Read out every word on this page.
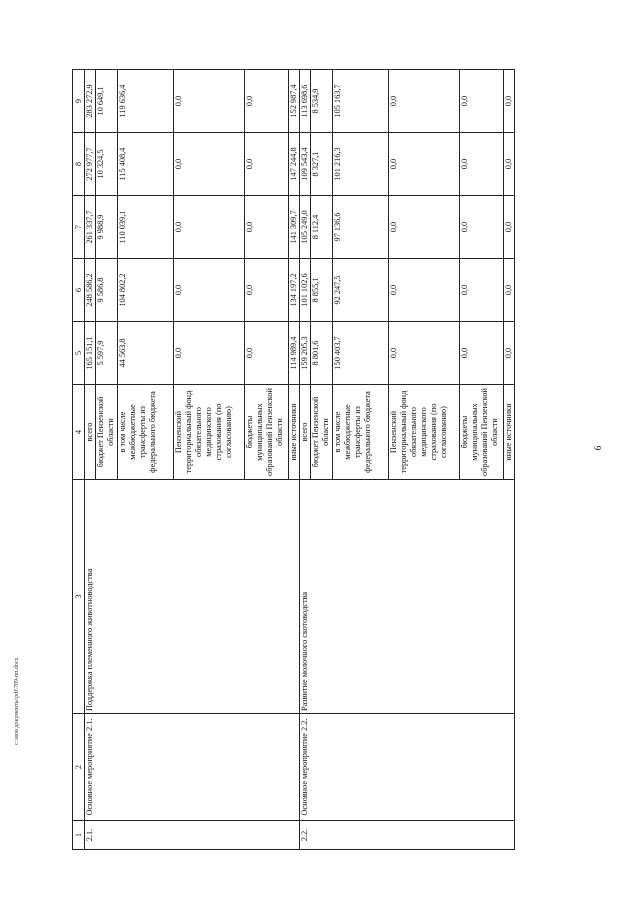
6
c:\мои документы\pdf\709-пп.docx
1	2	3	4	5	6	7	8	9
2.1.	Основное мероприятие 2.1.	Поддержка племенного животноводства	всего	165 151,1	248 586,2	261 337,7	272 977,7	283 272,9
			бюджет Пензенской области	5 597,9	9 586,8	9 988,9	10 324,5	10 649,1
			в том числе межбюджетные трансферты из федерального бюджета	44 563,8	104 802,2	110 039,1	115 408,4	119 636,4
			Пензенский территориальный фонд обязательного медицинского страхования (по согласованию)	0,0	0,0	0,0	0,0	0,0
			бюджеты муниципальных образований Пензенской области	0,0	0,0	0,0	0,0	0,0
			иные источники	114 989,4	134 197,2	141 309,7	147 244,8	152 987,4
2.2.	Основное мероприятие 2.2.	Развитие молочного скотоводства	всего	159 205,3	101 102,6	105 249,0	109 543,4	113 698,6
			бюджет Пензенской области	8 801,6	8 855,1	8 112,4	8 327,1	8 534,9
			в том числе межбюджетные трансферты из федерального бюджета	150 403,7	92 247,5	97 136,6	101 216,3	105 163,7
			Пензенский территориальный фонд обязательного медицинского страхования (по согласованию)	0,0	0,0	0,0	0,0	0,0
			бюджеты муниципальных образований Пензенской области	0,0	0,0	0,0	0,0	0,0
			иные источники	0,0	0,0	0,0	0,0	0,0
